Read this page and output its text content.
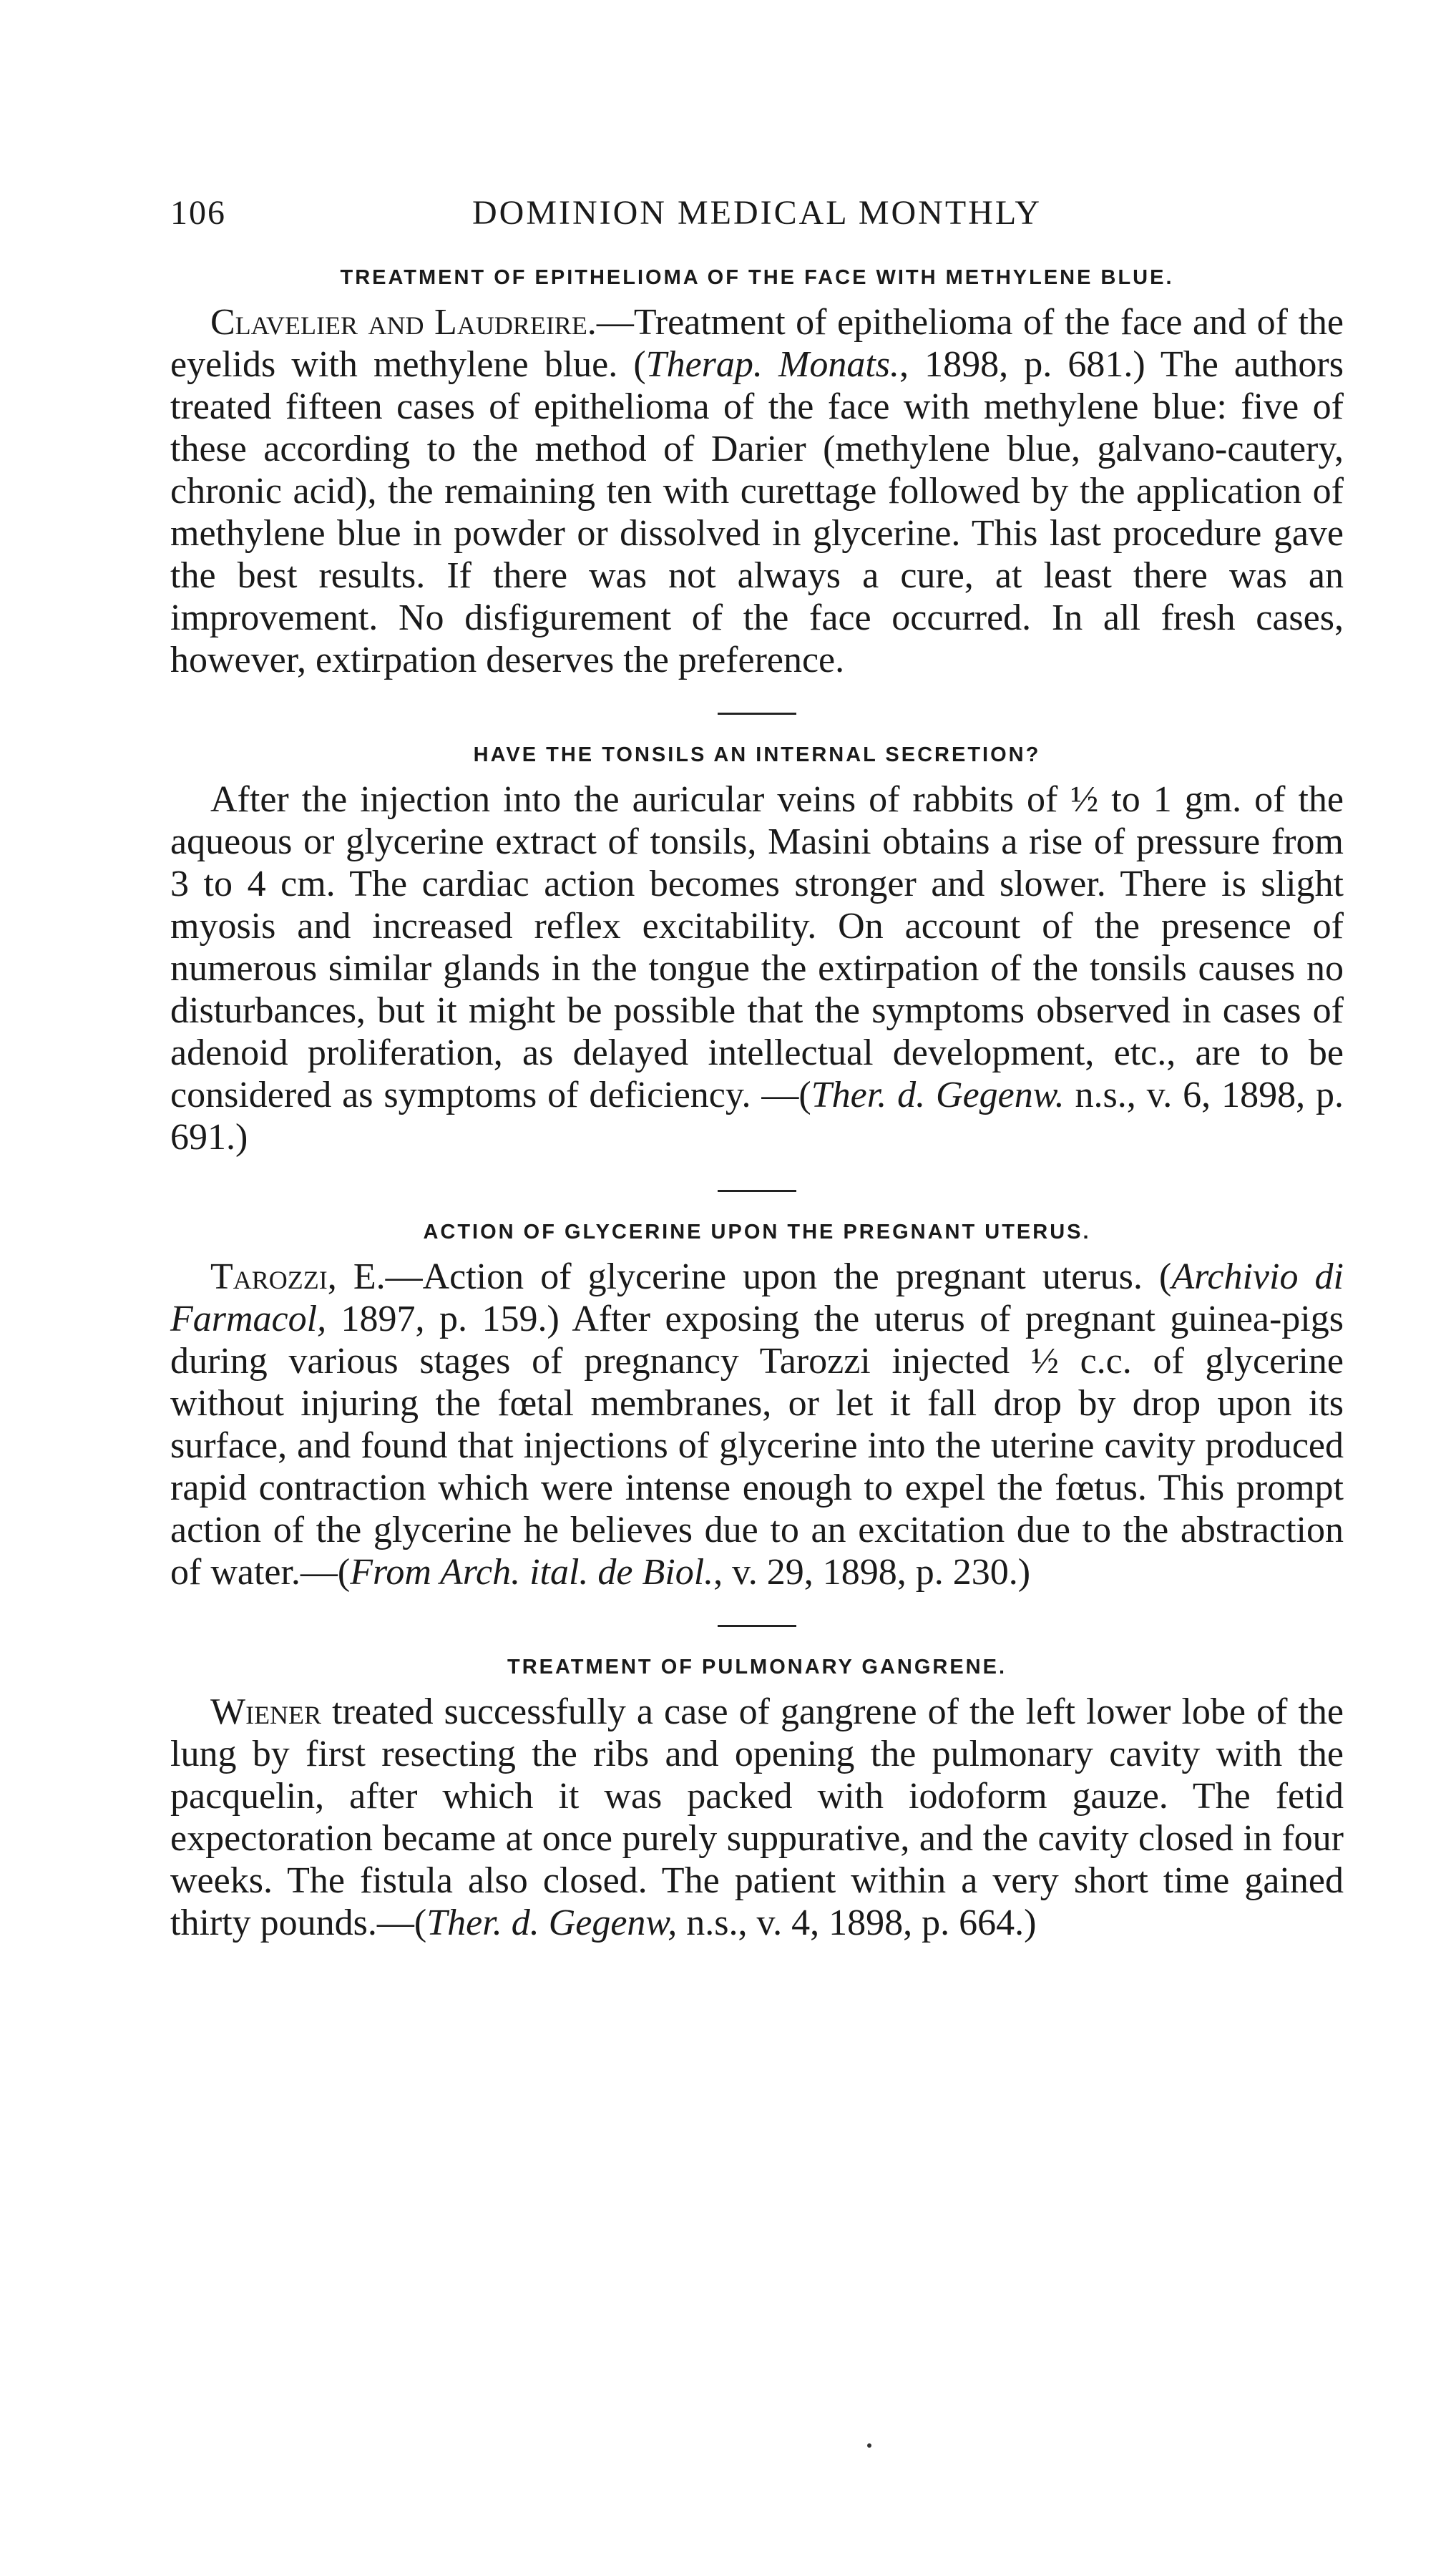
106	DOMINION MEDICAL MONTHLY
TREATMENT OF EPITHELIOMA OF THE FACE WITH METHYLENE BLUE.

Clavelier and Laudreire.—Treatment of epithelioma of the face and of the eyelids with methylene blue. (Therap. Monats., 1898, p. 681.) The authors treated fifteen cases of epithelioma of the face with methylene blue: five of these according to the method of Darier (methylene blue, galvano-cautery, chronic acid), the remaining ten with curettage followed by the application of methylene blue in powder or dissolved in glycerine. This last procedure gave the best results. If there was not always a cure, at least there was an improvement. No disfigurement of the face occurred. In all fresh cases, however, extirpation deserves the preference.

HAVE THE TONSILS AN INTERNAL SECRETION?

After the injection into the auricular veins of rabbits of ½ to 1 gm. of the aqueous or glycerine extract of tonsils, Masini obtains a rise of pressure from 3 to 4 cm. The cardiac action becomes stronger and slower. There is slight myosis and increased reflex excitability. On account of the presence of numerous similar glands in the tongue the extirpation of the tonsils causes no disturbances, but it might be possible that the symptoms observed in cases of adenoid proliferation, as delayed intellectual development, etc., are to be considered as symptoms of deficiency. —(Ther. d. Gegenw. n.s., v. 6, 1898, p. 691.)

ACTION OF GLYCERINE UPON THE PREGNANT UTERUS.

Tarozzi, E.—Action of glycerine upon the pregnant uterus. (Archivio di Farmacol, 1897, p. 159.) After exposing the uterus of pregnant guinea-pigs during various stages of pregnancy Tarozzi injected ½ c.c. of glycerine without injuring the fœtal membranes, or let it fall drop by drop upon its surface, and found that injections of glycerine into the uterine cavity produced rapid contraction which were intense enough to expel the fœtus. This prompt action of the glycerine he believes due to an excitation due to the abstraction of water.—(From Arch. ital. de Biol., v. 29, 1898, p. 230.)

TREATMENT OF PULMONARY GANGRENE.

Wiener treated successfully a case of gangrene of the left lower lobe of the lung by first resecting the ribs and opening the pulmonary cavity with the pacquelin, after which it was packed with iodoform gauze. The fetid expectoration became at once purely suppurative, and the cavity closed in four weeks. The fistula also closed. The patient within a very short time gained thirty pounds.—(Ther. d. Gegenw, n.s., v. 4, 1898, p. 664.)
